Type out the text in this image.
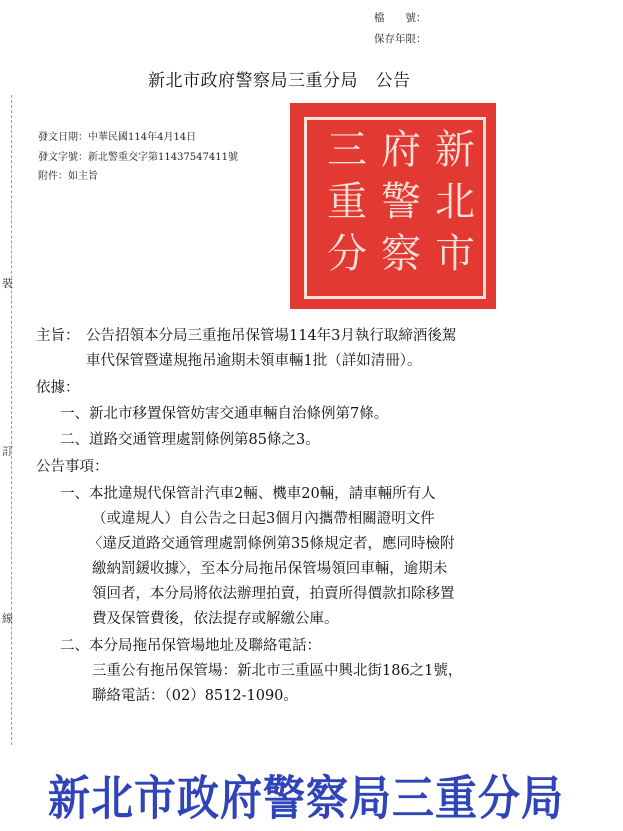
裝
訂
線
檔　　號：
保存年限：
新北市政府警察局三重分局　公告
發文日期：中華民國114年4月14日
發文字號：新北警重交字第11437547411號
附件：如主旨
新
府
三
北
警
重
市
察
分
主旨： 公告招領本分局三重拖吊保管場114年3月執行取締酒後駕
車代保管暨違規拖吊逾期未領車輛1批（詳如清冊）。
依據：
一、新北市移置保管妨害交通車輛自治條例第7條。
二、道路交通管理處罰條例第85條之3。
公告事項：
一、本批違規代保管計汽車2輛、機車20輛，請車輛所有人
（或違規人）自公告之日起3個月內攜帶相關證明文件
〈違反道路交通管理處罰條例第35條規定者，應同時檢附
繳納罰鍰收據〉，至本分局拖吊保管場領回車輛，逾期未
領回者，本分局將依法辦理拍賣，拍賣所得價款扣除移置
費及保管費後，依法提存或解繳公庫。
二、本分局拖吊保管場地址及聯絡電話：
三重公有拖吊保管場：新北市三重區中興北街186之1號，
聯絡電話：（02）8512-1090。
新北市政府警察局三重分局
